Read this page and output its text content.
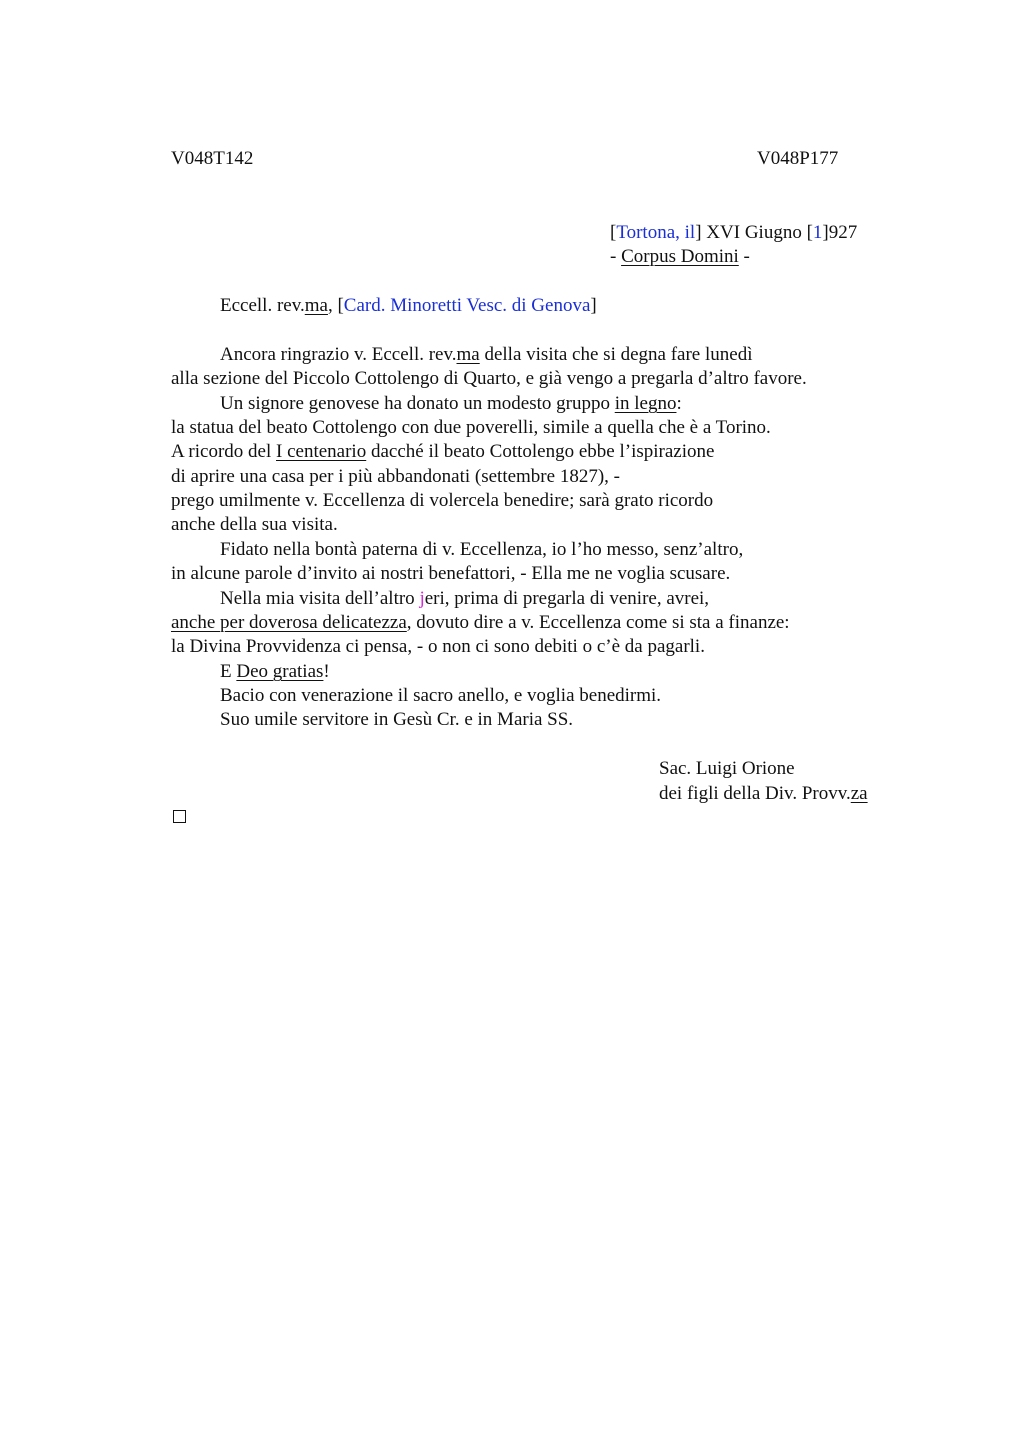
V048T142	V048P177
[Tortona, il] XVI Giugno [1]927
- Corpus Domini -
Eccell. rev.ma, [Card. Minoretti Vesc. di Genova]
Ancora ringrazio v. Eccell. rev.ma della visita che si degna fare lunedì
alla sezione del Piccolo Cottolengo di Quarto, e già vengo a pregarla d’altro favore.
Un signore genovese ha donato un modesto gruppo in legno:
la statua del beato Cottolengo con due poverelli, simile a quella che è a Torino.
A ricordo del I centenario dacché il beato Cottolengo ebbe l’ispirazione
di aprire una casa per i più abbandonati (settembre 1827), -
prego umilmente v. Eccellenza di volercela benedire; sarà grato ricordo
anche della sua visita.
Fidato nella bontà paterna di v. Eccellenza, io l’ho messo, senz’altro,
in alcune parole d’invito ai nostri benefattori, - Ella me ne voglia scusare.
Nella mia visita dell’altro jeri, prima di pregarla di venire, avrei,
anche per doverosa delicatezza, dovuto dire a v. Eccellenza come si sta a finanze:
la Divina Provvidenza ci pensa, - o non ci sono debiti o c’è da pagarli.
E Deo gratias!
Bacio con venerazione il sacro anello, e voglia benedirmi.
Suo umile servitore in Gesù Cr. e in Maria SS.
Sac. Luigi Orione
dei figli della Div. Provv.za
